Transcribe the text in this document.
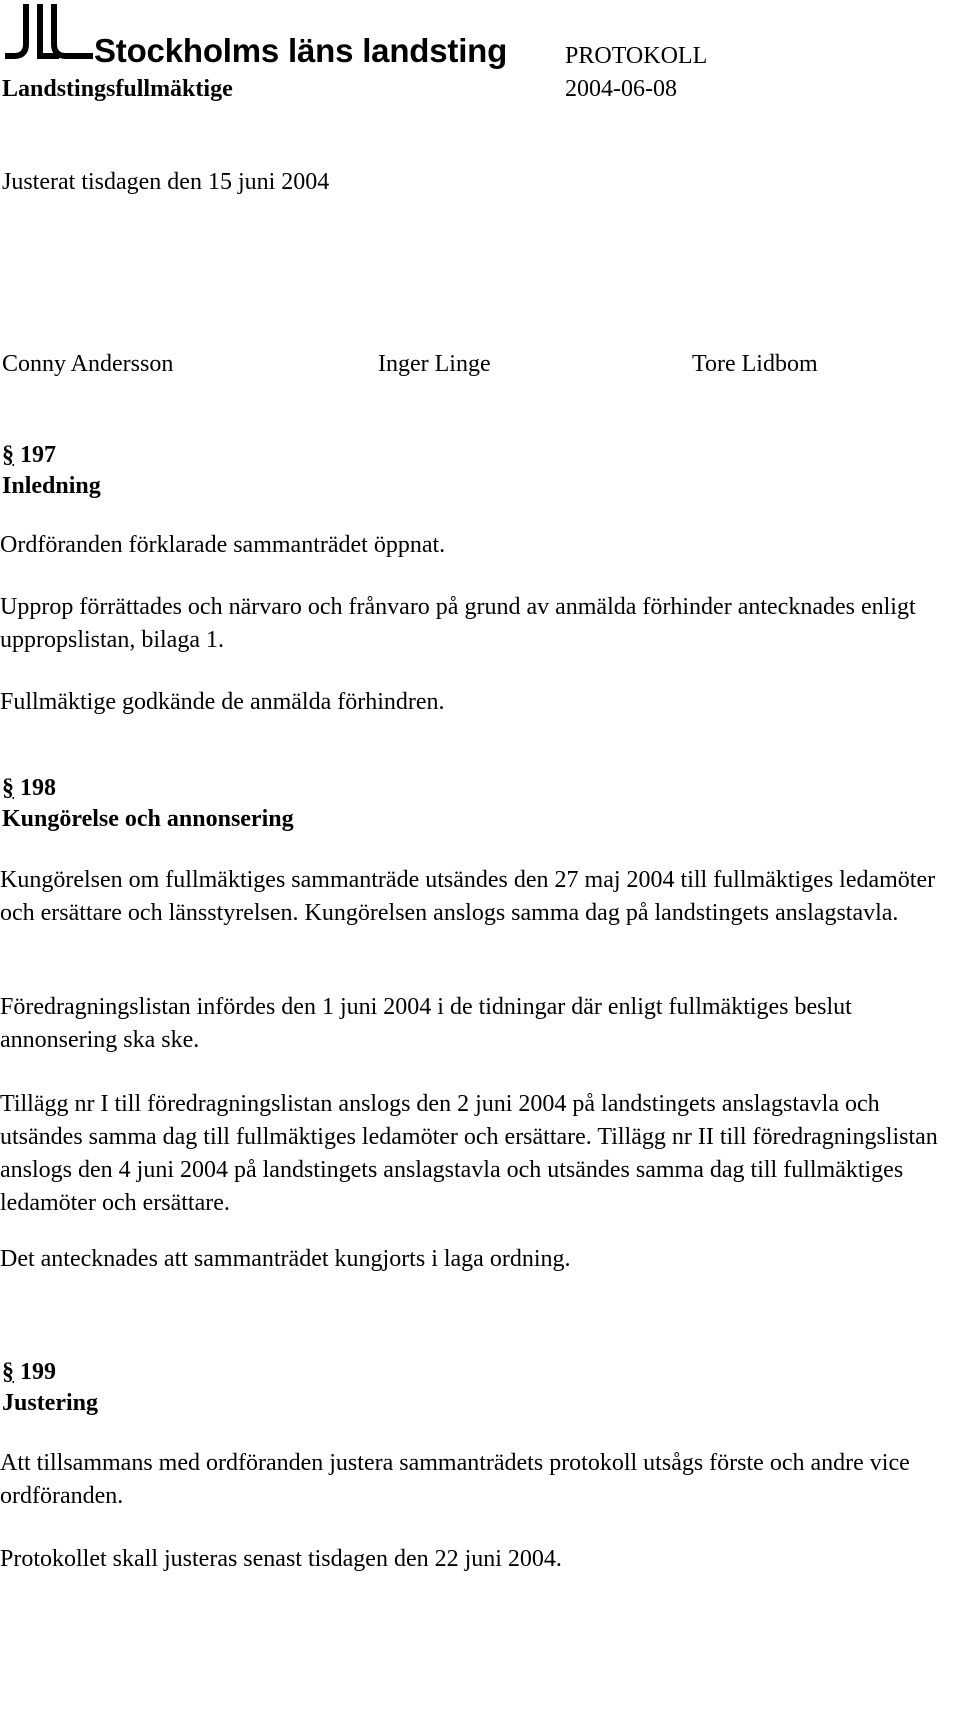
Stockholms läns landsting PROTOKOLL
Landstingsfullmäktige	2004-06-08
Justerat tisdagen den 15 juni 2004
Conny Andersson	Inger Linge	Tore Lidbom
§ 197
Inledning

Ordföranden förklarade sammanträdet öppnat.

Upprop förrättades och närvaro och frånvaro på grund av anmälda förhinder antecknades enligt uppropslistan, bilaga 1.

Fullmäktige godkände de anmälda förhindren.

§ 198
Kungörelse och annonsering

Kungörelsen om fullmäktiges sammanträde utsändes den 27 maj 2004 till fullmäktiges ledamöter och ersättare och länsstyrelsen. Kungörelsen anslogs samma dag på landstingets anslagstavla.

Föredragningslistan infördes den 1 juni 2004 i de tidningar där enligt fullmäktiges beslut annonsering ska ske.

Tillägg nr I till föredragningslistan anslogs den 2 juni 2004 på landstingets anslagstavla och utsändes samma dag till fullmäktiges ledamöter och ersättare. Tillägg nr II till föredragningslistan anslogs den 4 juni 2004 på landstingets anslagstavla och utsändes samma dag till fullmäktiges ledamöter och ersättare.

Det antecknades att sammanträdet kungjorts i laga ordning.

§ 199
Justering

Att tillsammans med ordföranden justera sammanträdets protokoll utsågs förste och andre vice ordföranden.

Protokollet skall justeras senast tisdagen den 22 juni 2004.
